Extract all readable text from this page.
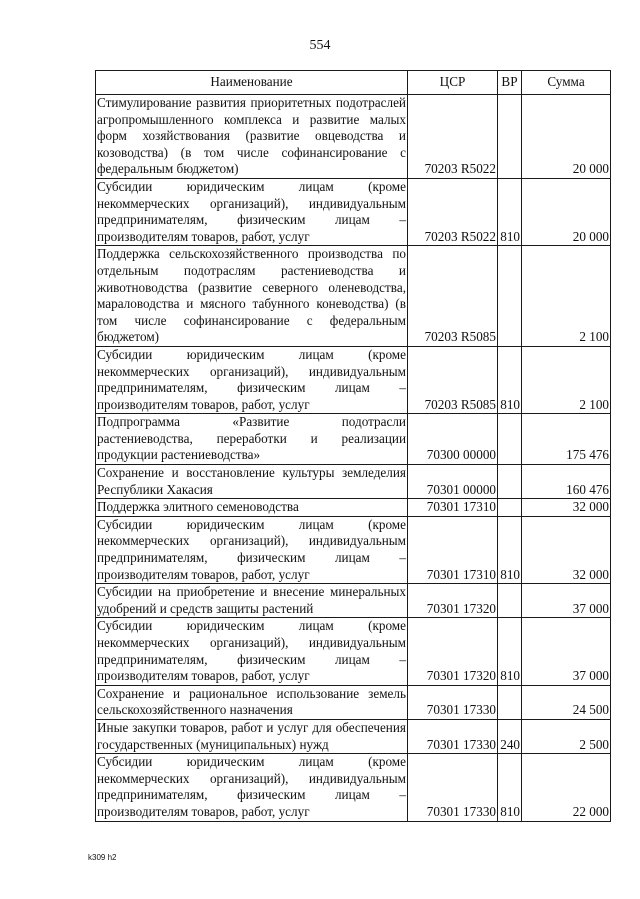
554
Наименование	ЦСР	ВР	Сумма
Стимулирование развития приоритетных подотраслей агропромышленного комплекса и развитие малых форм хозяйствования (развитие овцеводства и козоводства) (в том числе софинансирование с федеральным бюджетом)	70203 R5022		20 000
Субсидии юридическим лицам (кроме некоммерческих организаций), индивидуальным предпринимателям, физическим лицам – производителям товаров, работ, услуг	70203 R5022	810	20 000
Поддержка сельскохозяйственного производства по отдельным подотраслям растениеводства и животноводства (развитие северного оленеводства, мараловодства и мясного табунного коневодства) (в том числе софинансирование с федеральным бюджетом)	70203 R5085		2 100
Субсидии юридическим лицам (кроме некоммерческих организаций), индивидуальным предпринимателям, физическим лицам – производителям товаров, работ, услуг	70203 R5085	810	2 100
Подпрограмма «Развитие подотрасли растениеводства, переработки и реализации продукции растениеводства»	70300 00000		175 476
Сохранение и восстановление культуры земледелия Республики Хакасия	70301 00000		160 476
Поддержка элитного семеноводства	70301 17310		32 000
Субсидии юридическим лицам (кроме некоммерческих организаций), индивидуальным предпринимателям, физическим лицам – производителям товаров, работ, услуг	70301 17310	810	32 000
Субсидии на приобретение и внесение минеральных удобрений и средств защиты растений	70301 17320		37 000
Субсидии юридическим лицам (кроме некоммерческих организаций), индивидуальным предпринимателям, физическим лицам – производителям товаров, работ, услуг	70301 17320	810	37 000
Сохранение и рациональное использование земель сельскохозяйственного назначения	70301 17330		24 500
Иные закупки товаров, работ и услуг для обеспечения государственных (муниципальных) нужд	70301 17330	240	2 500
Субсидии юридическим лицам (кроме некоммерческих организаций), индивидуальным предпринимателям, физическим лицам – производителям товаров, работ, услуг	70301 17330	810	22 000
k309 h2
